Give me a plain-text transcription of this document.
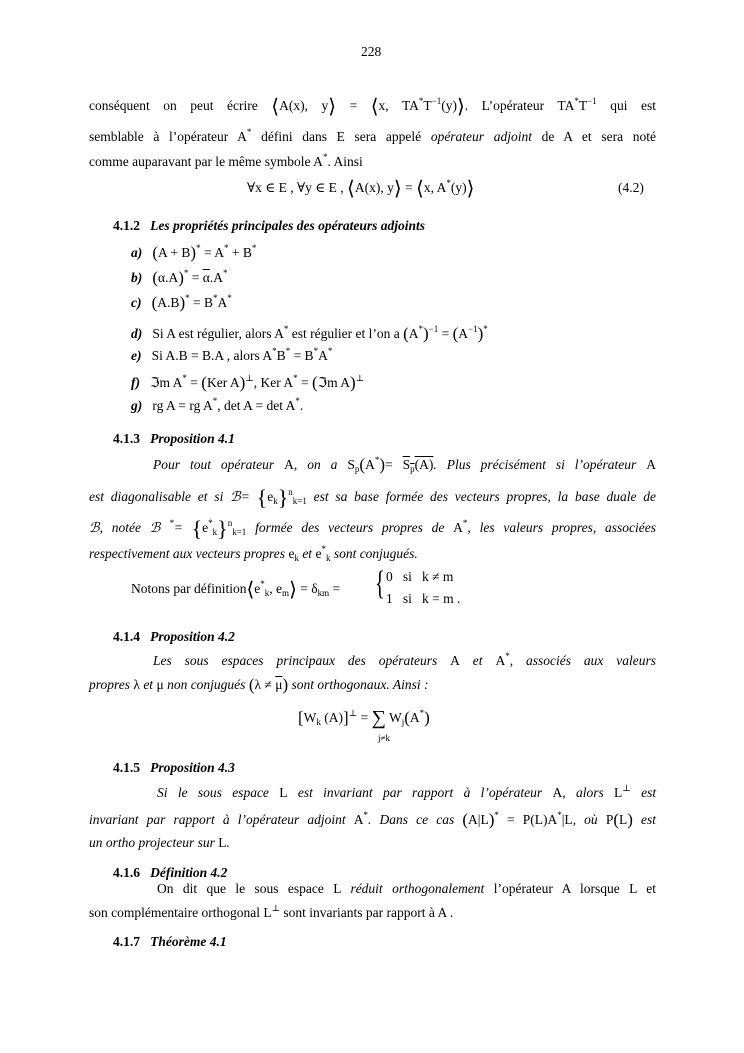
228
conséquent on peut écrire ⟨A(x), y⟩ = ⟨x, $TA^*T^{-1}(y)⟩$. L’opérateur $TA^*T^{-1}$ qui est
semblable à l’opérateur A* défini dans E sera appelé opérateur adjoint de A et sera noté
comme auparavant par le même symbole A*. Ainsi
∀x ∈ E , ∀y ∈ E , ⟨A(x), y⟩ = ⟨x, A*(y)⟩	(4.2)
4.1.2 Les propriétés principales des opérateurs adjoints
a) (A + B)* = A* + B*
b) $(\alpha.A)^* = \overline{\alpha}.A^*$
c) (A.B)* = B*A*
d) Si A est régulier, alors A* est régulier et l’on a $(A^*)^{-1} = (A^{-1})^*$
e) Si A.B = B.A , alors A*B* = B*A*
f)   ℑm A* = (Ker A)⊥, Ker A* = (ℑm A)⊥
g)   rg A = rg A*, det A = det A*.
4.1.3 Proposition 4.1
Pour tout opérateur A, on a $S_p(A^*)= S_p(A)$. Plus précisément si l’opérateur A
est diagonalisable et si ℬ= $\{e_k\}^n_{k=1}$ est sa base formée des vecteurs propres, la base duale de
ℬ, notée ℬ $^*= \{e^*_k\}^n_{k=1}$ formée des vecteurs propres de A*, les valeurs propres, associées
respectivement aux vecteurs propres $e_k$ et $e^*_k$ sont conjugués.
Notons par $définition⟨e^*_k$, $e_m⟩ = \delta_{km}$ = { 0   si   k ≠ m
1   si   k = m .
4.1.4 Proposition 4.2
Les sous espaces principaux des opérateurs A et A*, associés aux valeurs
propres λ et μ non conjugués $(\lambda \ne \overline{\mu})$ sont orthogonaux. Ainsi :
[$W_k$ (A)]⊥ = ∑ $W_j(A^*)$
j≠k
4.1.5 Proposition 4.3
Si le sous espace L est invariant par rapport à l’opérateur A, alors L⊥ est
invariant par rapport à l’opérateur adjoint A*. Dans ce cas (A|L)* = P(L)A*|L, où P(L) est
un ortho projecteur sur L.
4.1.6 Définition 4.2
On dit que le sous espace L réduit orthogonalement l’opérateur A lorsque L et
son complémentaire orthogonal L⊥ sont invariants par rapport à A .
4.1.7 Théorème 4.1
